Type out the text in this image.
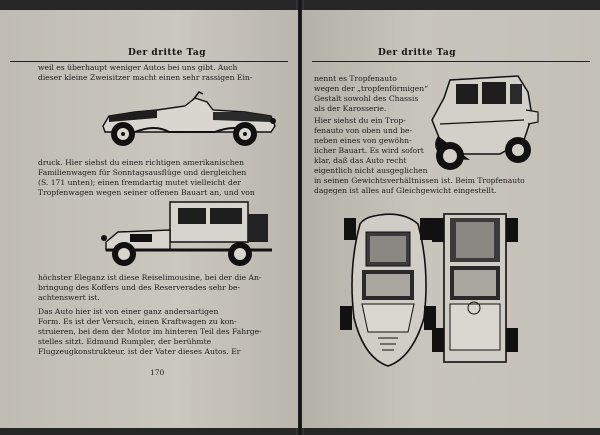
Der dritte Tag
weil es überhaupt weniger Autos bei uns gibt. Auch
dieser kleine Zweisitzer macht einen sehr rassigen Ein-
druck. Hier siehst du einen richtigen amerikanischen
Familienwagen für Sonntagsausflüge und dergleichen
(S. 171 unten); einen fremdartig mutet vielleicht der
Tropfenwagen wegen seiner offenen Bauart an, und von
höchster Eleganz ist diese Reiselimousine, bei der die An-
bringung des Koffers und des Reserverades sehr be-
achtenswert ist.
Das Auto hier ist von einer ganz andersartigen
Form. Es ist der Versuch, einen Kraftwagen zu kon-
struieren, bei dem der Motor im hinteren Teil des Fahrge-
stelles sitzt. Edmund Rumpler, der berühmte
Flugzeugkonstrukteur, ist der Vater dieses Autos. Er
170
Der dritte Tag
nennt es Tropfenauto
wegen der „tropfenförmigen“
Gestalt sowohl des Chassis
als der Karosserie.
Hier siehst du ein Trop-
fenauto von oben und be-
neben eines von gewöhn-
licher Bauart. Es wird sofort
klar, daß das Auto recht
eigentlich nicht ausgeglichen
in seinen Gewichtsverhältnissen ist. Beim Tropfenauto
dagegen ist alles auf Gleichgewicht eingestellt.
